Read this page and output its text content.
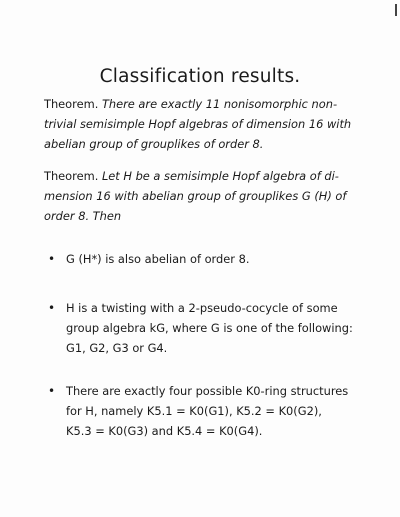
Classification results.
Theorem. There are exactly 11 nonisomorphic non-
trivial semisimple Hopf algebras of dimension 16 with
abelian group of grouplikes of order 8.
Theorem. Let H be a semisimple Hopf algebra of di-
mension 16 with abelian group of grouplikes G (H) of
order 8. Then
• G (H*) is also abelian of order 8.
• H is a twisting with a 2-pseudo-cocycle of some
group algebra kG, where G is one of the following:
G1, G2, G3 or G4.
• There are exactly four possible K0-ring structures
for H, namely K5.1 = K0(G1), K5.2 = K0(G2),
K5.3 = K0(G3) and K5.4 = K0(G4).
